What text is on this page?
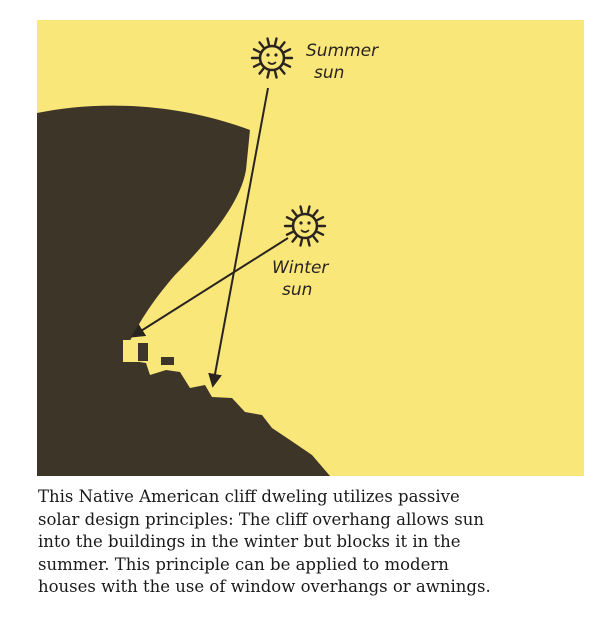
Summer
sun
Winter
sun

This Native American cliff dweling utilizes passive
solar design principles: The cliff overhang allows sun
into the buildings in the winter but blocks it in the
summer. This principle can be applied to modern
houses with the use of window overhangs or awnings.
